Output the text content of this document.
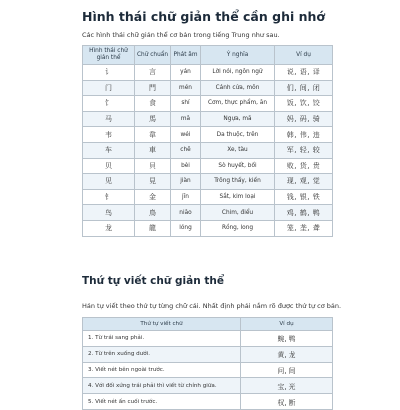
Hình thái chữ giản thể cần ghi nhớ
Các hình thái chữ giản thể cơ bản trong tiếng Trung như sau.
Hình thái chữ giản thể	Chữ chuẩn	Phát âm	Ý nghĩa	Ví dụ
讠	言	yán	Lời nói, ngôn ngữ	说, 语, 译
门	門	mén	Cánh cửa, môn	们, 间, 闭
饣	食	shí	Cơm, thực phẩm, ăn	饭, 饮, 饺
马	馬	mă	Ngựa, mã	妈, 码, 骑
韦	韋	wéi	Da thuộc, trên	韩, 伟, 违
车	車	chē	Xe, tàu	军, 轻, 较
贝	貝	bèi	Sò huyết, bối	败, 货, 贵
见	見	jiàn	Trông thấy, kiến	现, 观, 觉
钅	金	jīn	Sắt, kim loại	钱, 银, 铁
鸟	鳥	niăo	Chim, điểu	鸡, 鹤, 鸭
龙	龍	lóng	Rồng, long	笼, 垄, 聋
Thứ tự viết chữ giản thể
Hán tự viết theo thứ tự từng chữ cái. Nhất định phải nắm rõ được thứ tự cơ bản.
Thứ tự viết chữ	Ví dụ
1. Từ trái sang phải.	蜿, 鸭
2. Từ trên xuống dưới.	黄, 龙
3. Viết nét bên ngoài trước.	问, 间
4. Với đối xứng trái phải thì viết từ chính giữa.	宝, 光
5. Viết nét ấn cuối trước.	权, 断
